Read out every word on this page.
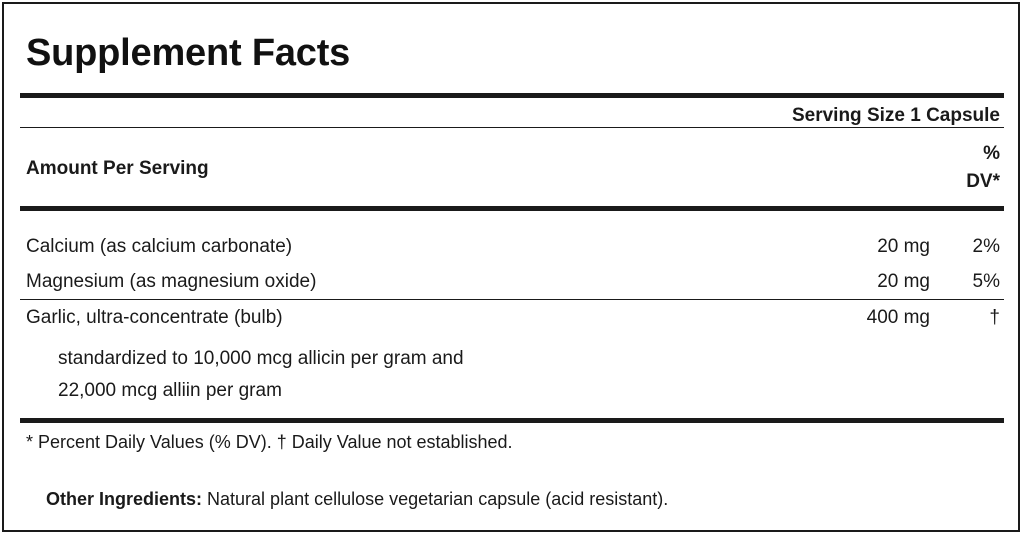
Supplement Facts
Serving Size 1 Capsule
Amount Per Serving
%
DV*
Calcium (as calcium carbonate)	20 mg	2%
Magnesium (as magnesium oxide)	20 mg	5%

Garlic, ultra-concentrate (bulb)	400 mg	†

standardized to 10,000 mcg allicin per gram and
22,000 mcg alliin per gram		
* Percent Daily Values (% DV). † Daily Value not established.
Other Ingredients: Natural plant cellulose vegetarian capsule (acid resistant).
